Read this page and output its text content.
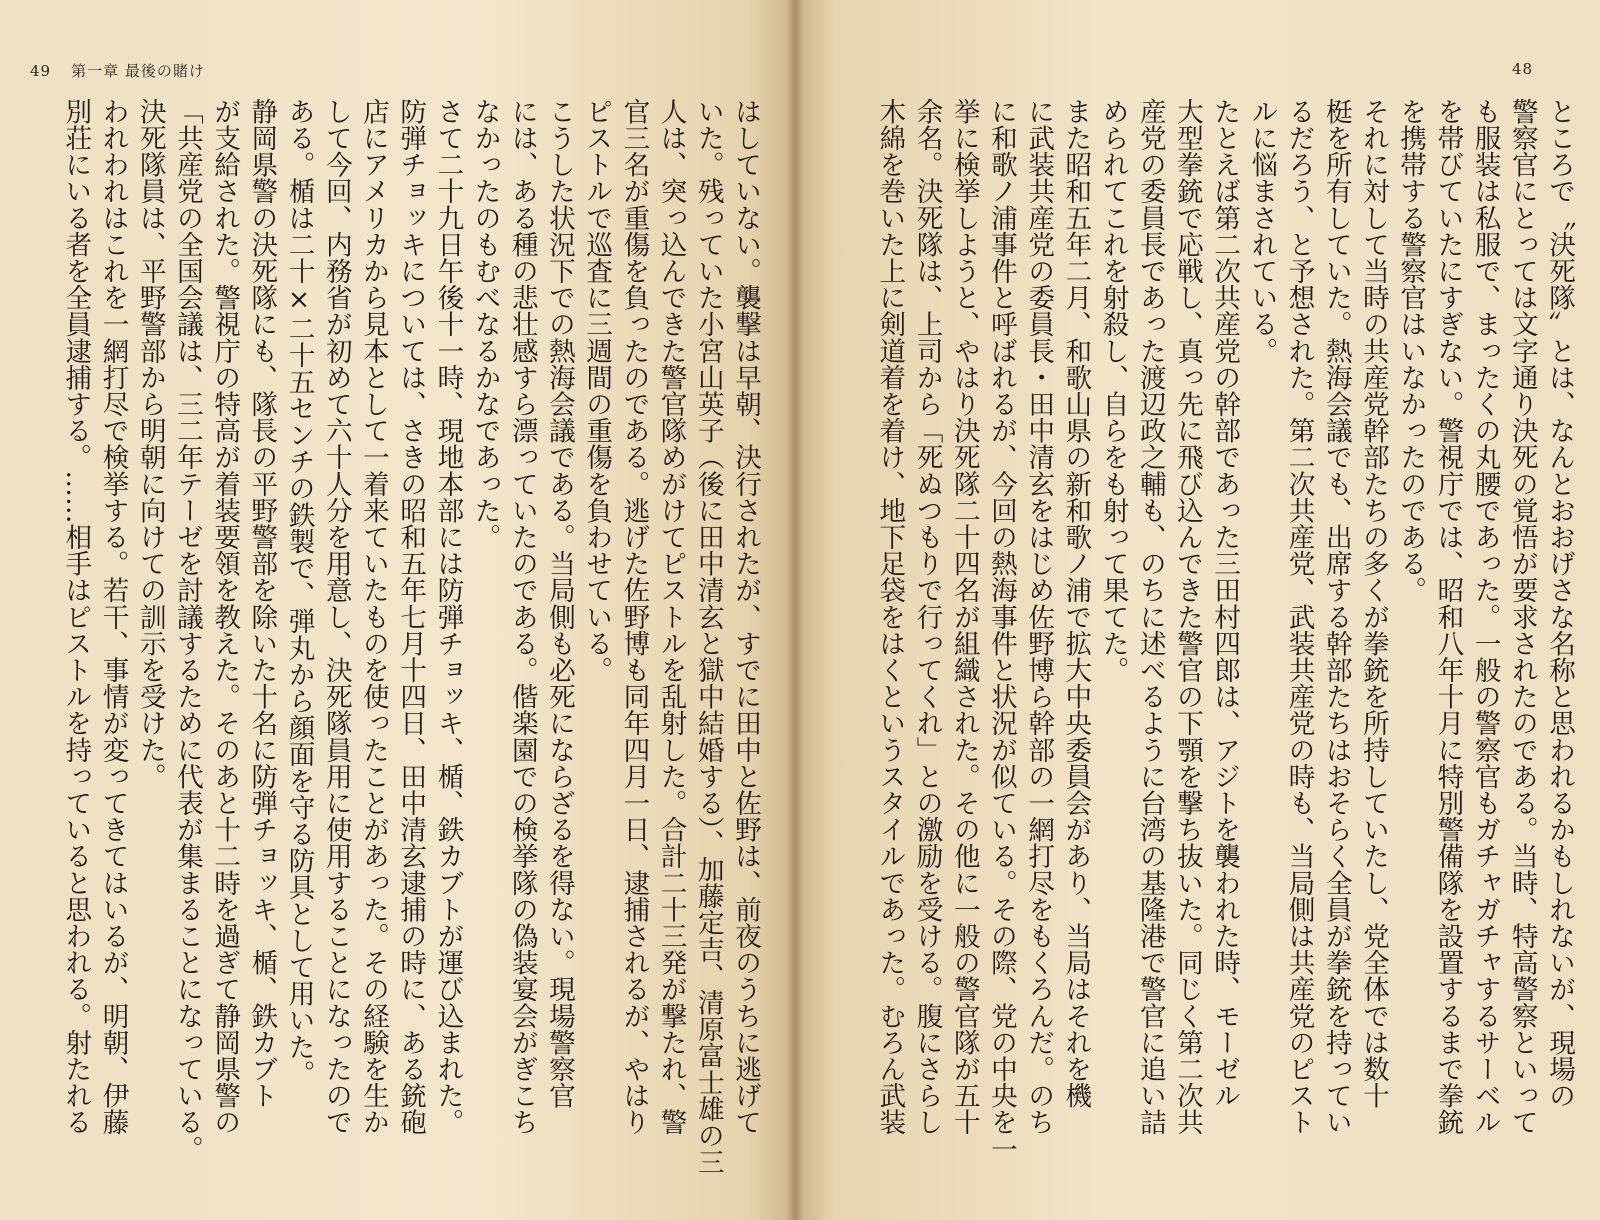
49 第一章 最後の賭け	48

ところで〝決死隊〟とは、なんとおおげさな名称と思われるかもしれないが、現場の

警察官にとっては文字通り決死の覚悟が要求されたのである。当時、特高警察といって

も服装は私服で、まったくの丸腰であった。一般の警察官もガチャガチャするサーベル

を帯びていたにすぎない。警視庁では、昭和八年十月に特別警備隊を設置するまで拳銃

を携帯する警察官はいなかったのである。

それに対して当時の共産党幹部たちの多くが拳銃を所持していたし、党全体では数十

梃を所有していた。熱海会議でも、出席する幹部たちはおそらく全員が拳銃を持ってい

るだろう、と予想された。第二次共産党、武装共産党の時も、当局側は共産党のピスト

ルに悩まされている。

たとえば第二次共産党の幹部であった三田村四郎は、アジトを襲われた時、モーゼル

大型拳銃で応戦し、真っ先に飛び込んできた警官の下顎を撃ち抜いた。同じく第二次共

産党の委員長であった渡辺政之輔も、のちに述べるように台湾の基隆港で警官に追い詰

められてこれを射殺し、自らをも射って果てた。

また昭和五年二月、和歌山県の新和歌ノ浦で拡大中央委員会があり、当局はそれを機

に武装共産党の委員長・田中清玄をはじめ佐野博ら幹部の一網打尽をもくろんだ。のち

に和歌ノ浦事件と呼ばれるが、今回の熱海事件と状況が似ている。その際、党の中央を一

挙に検挙しようと、やはり決死隊二十四名が組織された。その他に一般の警官隊が五十

余名。決死隊は、上司から「死ぬつもりで行ってくれ」との激励を受ける。腹にさらし

木綿を巻いた上に剣道着を着け、地下足袋をはくというスタイルであった。むろん武装

はしていない。襲撃は早朝、決行されたが、すでに田中と佐野は、前夜のうちに逃げて

いた。残っていた小宮山英子（後に田中清玄と獄中結婚する）、加藤定吉、清原富士雄の三

人は、突っ込んできた警官隊めがけてピストルを乱射した。合計二十三発が撃たれ、警

官三名が重傷を負ったのである。逃げた佐野博も同年四月一日、逮捕されるが、やはり

ピストルで巡査に三週間の重傷を負わせている。

こうした状況下での熱海会議である。当局側も必死にならざるを得ない。現場警察官

には、ある種の悲壮感すら漂っていたのである。偕楽園での検挙隊の偽装宴会がぎこち

なかったのもむべなるかなであった。

さて二十九日午後十一時、現地本部には防弾チョッキ、楯、鉄カブトが運び込まれた。

防弾チョッキについては、さきの昭和五年七月十四日、田中清玄逮捕の時に、ある銃砲

店にアメリカから見本として一着来ていたものを使ったことがあった。その経験を生か

して今回、内務省が初めて六十人分を用意し、決死隊員用に使用することになったので

ある。楯は二十×二十五センチの鉄製で、弾丸から顔面を守る防具として用いた。

静岡県警の決死隊にも、隊長の平野警部を除いた十名に防弾チョッキ、楯、鉄カブト

が支給された。警視庁の特高が着装要領を教えた。そのあと十二時を過ぎて静岡県警の

「共産党の全国会議は、三二年テーゼを討議するために代表が集まることになっている。

決死隊員は、平野警部から明朝に向けての訓示を受けた。

われわれはこれを一網打尽で検挙する。若干、事情が変ってきてはいるが、明朝、伊藤

別荘にいる者を全員逮捕する。……相手はピストルを持っていると思われる。射たれる
